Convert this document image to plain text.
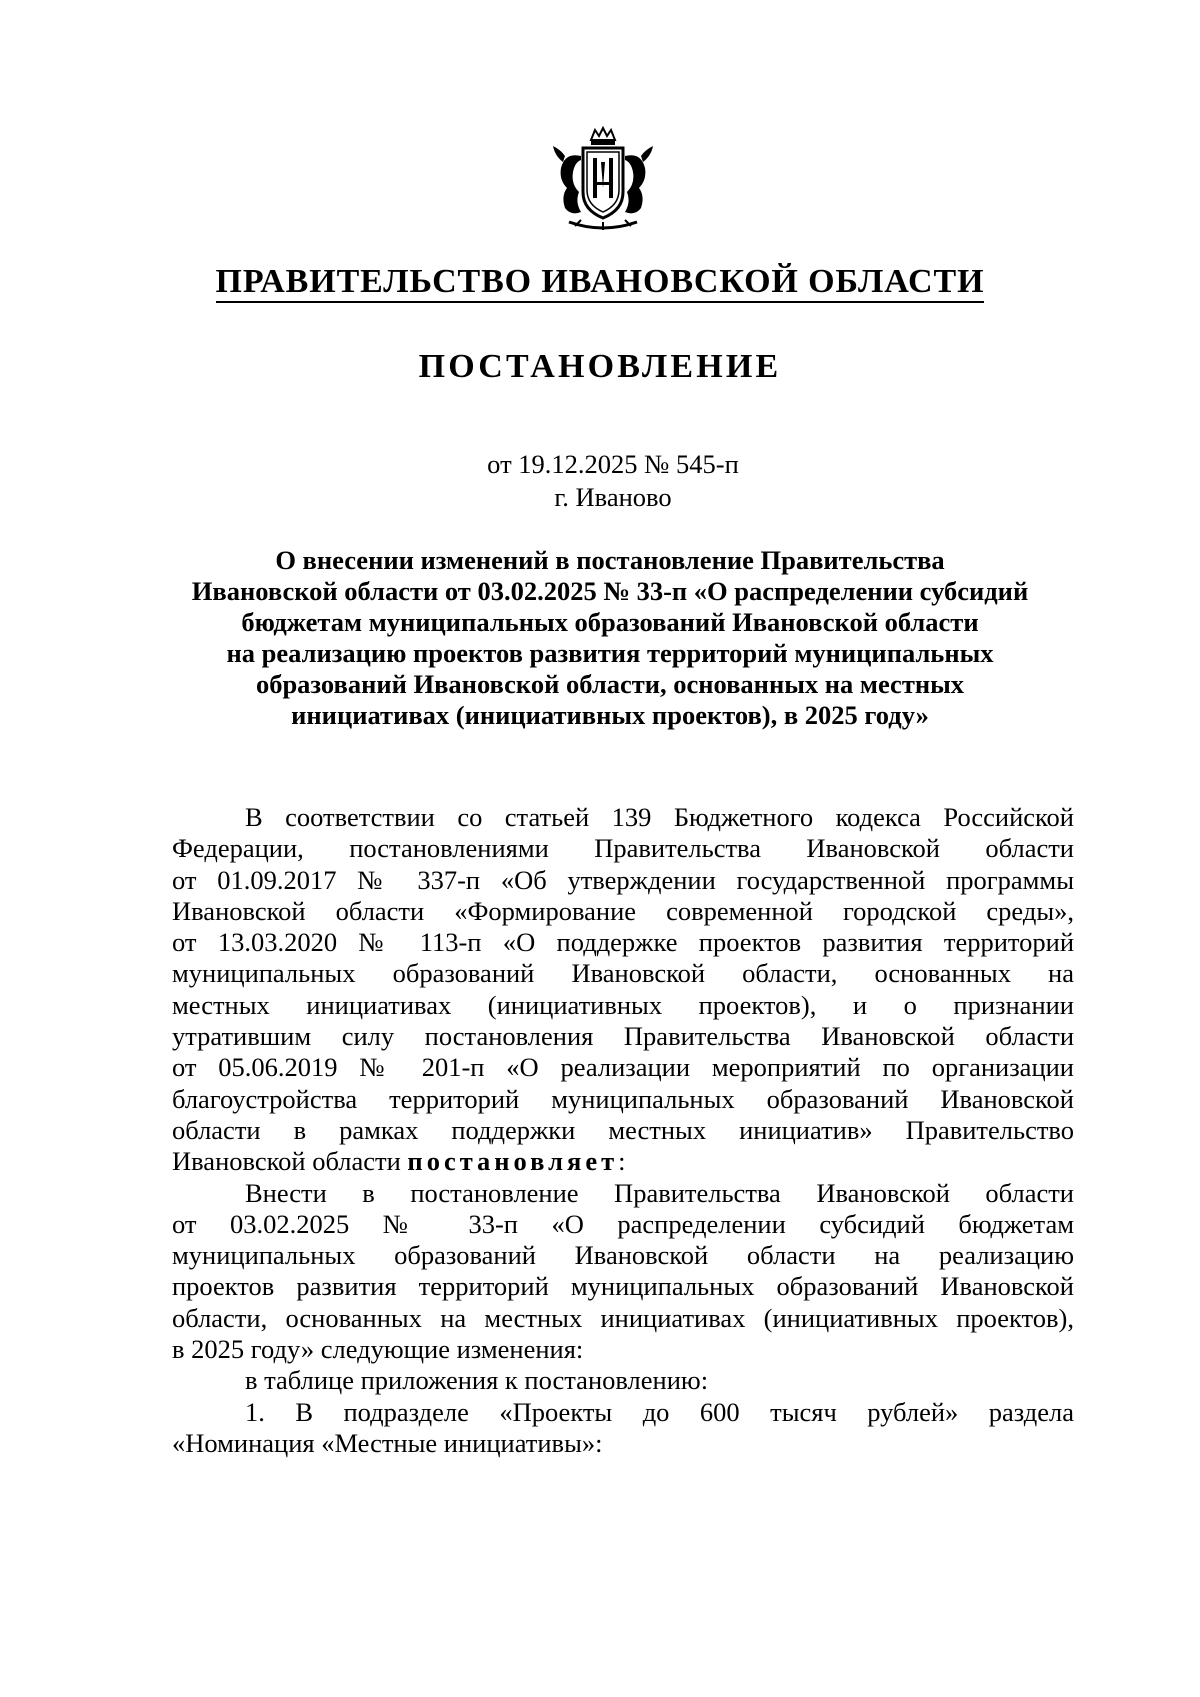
ПРАВИТЕЛЬСТВО ИВАНОВСКОЙ ОБЛАСТИ
ПОСТАНОВЛЕНИЕ
от 19.12.2025 № 545-п
г. Иваново
О внесении изменений в постановление Правительства
Ивановской области от 03.02.2025 № 33-п «О распределении субсидий
бюджетам муниципальных образований Ивановской области
на реализацию проектов развития территорий муниципальных
образований Ивановской области, основанных на местных
инициативах (инициативных проектов), в 2025 году»
В соответствии со статьей 139 Бюджетного кодекса Российской
Федерации, постановлениями Правительства Ивановской области
от 01.09.2017 № 337-п «Об утверждении государственной программы
Ивановской области «Формирование современной городской среды»,
от 13.03.2020 № 113-п «О поддержке проектов развития территорий
муниципальных образований Ивановской области, основанных на
местных инициативах (инициативных проектов), и о признании
утратившим силу постановления Правительства Ивановской области
от 05.06.2019 № 201-п «О реализации мероприятий по организации
благоустройства территорий муниципальных образований Ивановской
области в рамках поддержки местных инициатив» Правительство
Ивановской области постановляет:
Внести в постановление Правительства Ивановской области
от 03.02.2025 № 33-п «О распределении субсидий бюджетам
муниципальных образований Ивановской области на реализацию
проектов развития территорий муниципальных образований Ивановской
области, основанных на местных инициативах (инициативных проектов),
в 2025 году» следующие изменения:
в таблице приложения к постановлению:
1. В подразделе «Проекты до 600 тысяч рублей» раздела
«Номинация «Местные инициативы»:
